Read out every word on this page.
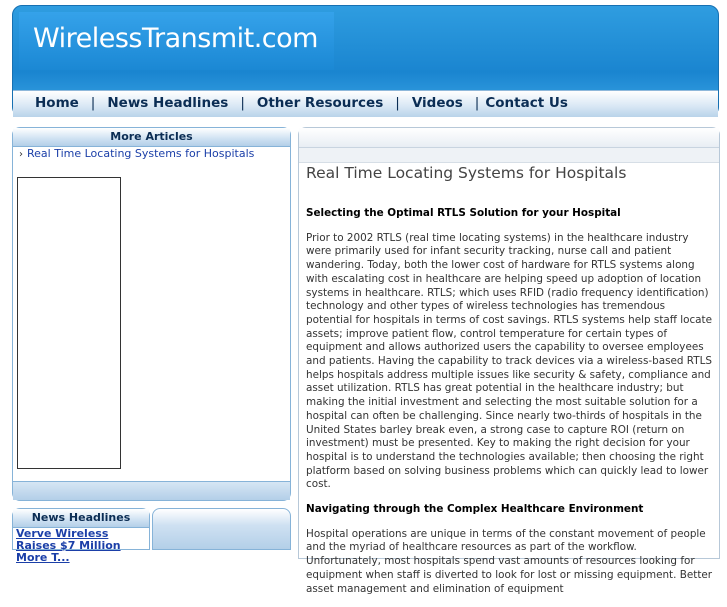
WirelessTransmit.com
Home | News Headlines | Other Resources | Videos | Contact Us
More Articles
› Real Time Locating Systems for Hospitals
News Headlines
Verve Wireless Raises $7 Million More T...
Real Time Locating Systems for Hospitals
Selecting the Optimal RTLS Solution for your Hospital

Prior to 2002 RTLS (real time locating systems) in the healthcare industry were primarily used for infant security tracking, nurse call and patient wandering. Today, both the lower cost of hardware for RTLS systems along with escalating cost in healthcare are helping speed up adoption of location systems in healthcare. RTLS; which uses RFID (radio frequency identification) technology and other types of wireless technologies has tremendous potential for hospitals in terms of cost savings. RTLS systems help staff locate assets; improve patient flow, control temperature for certain types of equipment and allows authorized users the capability to oversee employees and patients. Having the capability to track devices via a wireless-based RTLS helps hospitals address multiple issues like security & safety, compliance and asset utilization. RTLS has great potential in the healthcare industry; but making the initial investment and selecting the most suitable solution for a hospital can often be challenging. Since nearly two-thirds of hospitals in the United States barley break even, a strong case to capture ROI (return on investment) must be presented. Key to making the right decision for your hospital is to understand the technologies available; then choosing the right platform based on solving business problems which can quickly lead to lower cost.

Navigating through the Complex Healthcare Environment

Hospital operations are unique in terms of the constant movement of people and the myriad of healthcare resources as part of the workflow. Unfortunately, most hospitals spend vast amounts of resources looking for equipment when staff is diverted to look for lost or missing equipment. Better asset management and elimination of equipment
